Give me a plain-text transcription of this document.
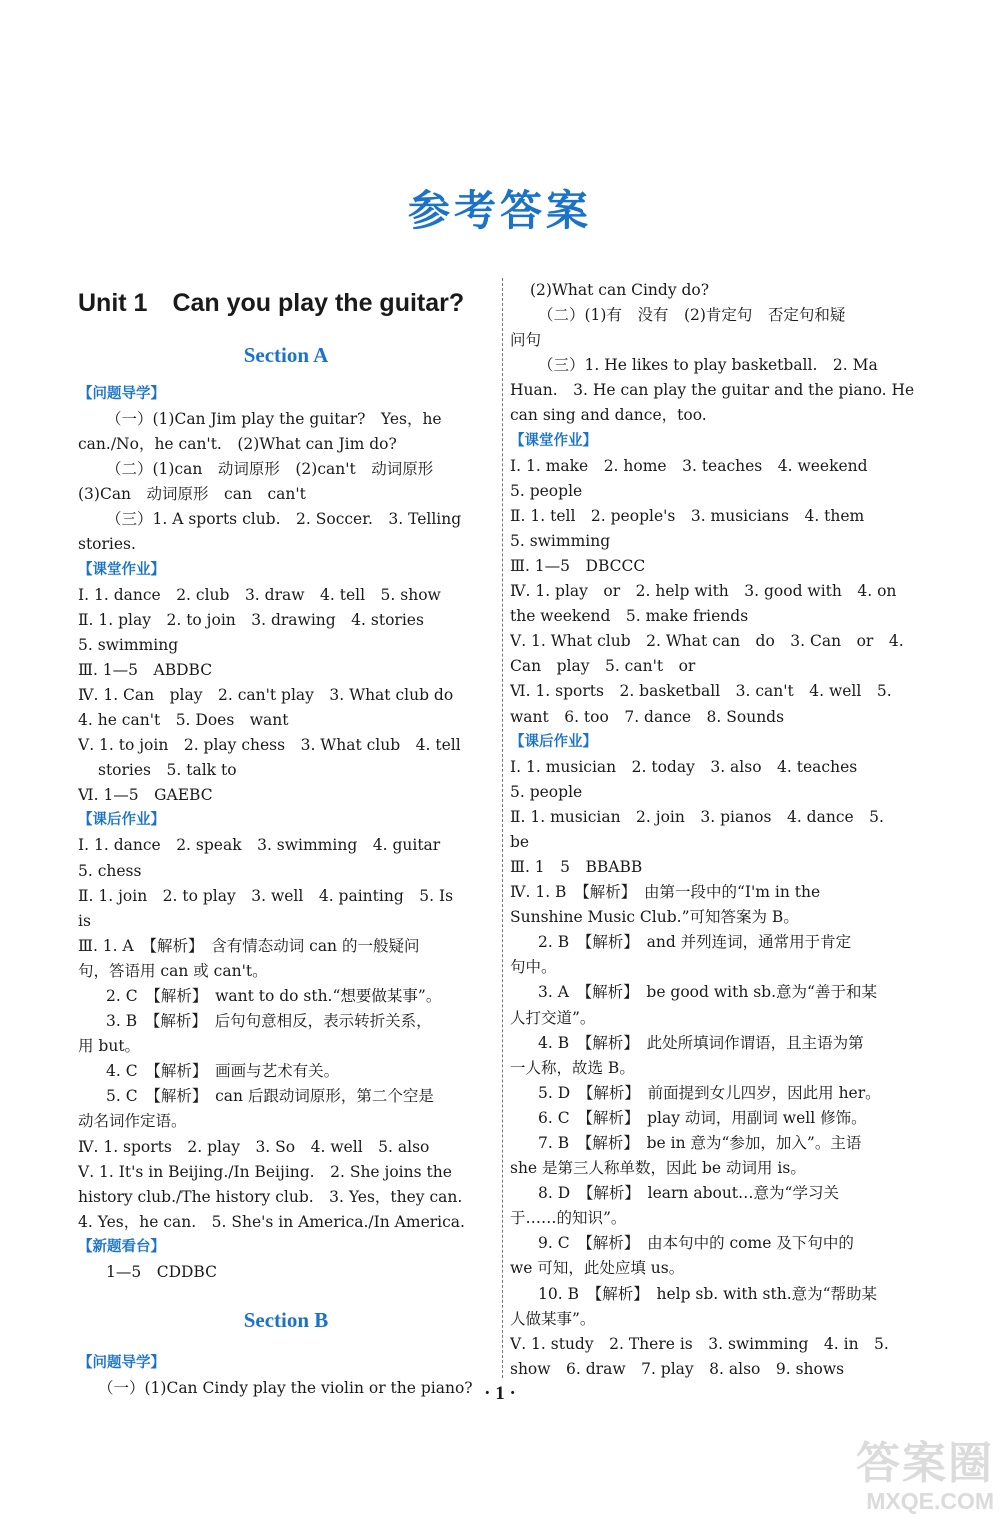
参考答案
Unit 1　Can you play the guitar?
Section A
【问题导学】
（一）(1)Can Jim play the guitar?　Yes，he
can./No，he can't.　(2)What can Jim do?
（二）(1)can　动词原形　(2)can't　动词原形
(3)Can　动词原形　can　can't
（三）1. A sports club.　2. Soccer.　3. Telling
stories.
【课堂作业】
Ⅰ. 1. dance　2. club　3. draw　4. tell　5. show
Ⅱ. 1. play　2. to join　3. drawing　4. stories
5. swimming
Ⅲ. 1—5　ABDBC
Ⅳ. 1. Can　play　2. can't play　3. What club do
4. he can't　5. Does　want
Ⅴ. 1. to join　2. play chess　3. What club　4. tell
stories　5. talk to
Ⅵ. 1—5　GAEBC
【课后作业】
Ⅰ. 1. dance　2. speak　3. swimming　4. guitar
5. chess
Ⅱ. 1. join　2. to play　3. well　4. painting　5. Is
is
Ⅲ. 1. A　【解析】　含有情态动词 can 的一般疑问
句，答语用 can 或 can't。
2. C　【解析】　want to do sth.“想要做某事”。
3. B　【解析】　后句句意相反，表示转折关系，
用 but。
4. C　【解析】　画画与艺术有关。
5. C　【解析】　can 后跟动词原形，第二个空是
动名词作定语。
Ⅳ. 1. sports　2. play　3. So　4. well　5. also
Ⅴ. 1. It's in Beijing./In Beijing.　2. She joins the
history club./The history club.　3. Yes，they can.
4. Yes，he can.　5. She's in America./In America.
【新题看台】
1—5　CDDBC
Section B
【问题导学】
（一）(1)Can Cindy play the violin or the piano?
(2)What can Cindy do?
（二）(1)有　没有　(2)肯定句　否定句和疑
问句
（三）1. He likes to play basketball.　2. Ma
Huan.　3. He can play the guitar and the piano. He
can sing and dance，too.
【课堂作业】
Ⅰ. 1. make　2. home　3. teaches　4. weekend
5. people
Ⅱ. 1. tell　2. people's　3. musicians　4. them
5. swimming
Ⅲ. 1—5　DBCCC
Ⅳ. 1. play　or　2. help with　3. good with　4. on
the weekend　5. make friends
Ⅴ. 1. What club　2. What can　do　3. Can　or　4.
Can　play　5. can't　or
Ⅵ. 1. sports　2. basketball　3. can't　4. well　5.
want　6. too　7. dance　8. Sounds
【课后作业】
Ⅰ. 1. musician　2. today　3. also　4. teaches
5. people
Ⅱ. 1. musician　2. join　3. pianos　4. dance　5.
be
Ⅲ. 1　5　BBABB
Ⅳ. 1. B　【解析】　由第一段中的“I'm in the
Sunshine Music Club.”可知答案为 B。
2. B　【解析】　and 并列连词，通常用于肯定
句中。
3. A　【解析】　be good with sb.意为“善于和某
人打交道”。
4. B　【解析】　此处所填词作谓语，且主语为第
一人称，故选 B。
5. D　【解析】　前面提到女儿四岁，因此用 her。
6. C　【解析】　play 动词，用副词 well 修饰。
7. B　【解析】　be in 意为“参加，加入”。主语
she 是第三人称单数，因此 be 动词用 is。
8. D　【解析】　learn about…意为“学习关
于……的知识”。
9. C　【解析】　由本句中的 come 及下句中的
we 可知，此处应填 us。
10. B　【解析】　help sb. with sth.意为“帮助某
人做某事”。
Ⅴ. 1. study　2. There is　3. swimming　4. in　5.
show　6. draw　7. play　8. also　9. shows
· 1 ·
答案圈
MXQE.COM
